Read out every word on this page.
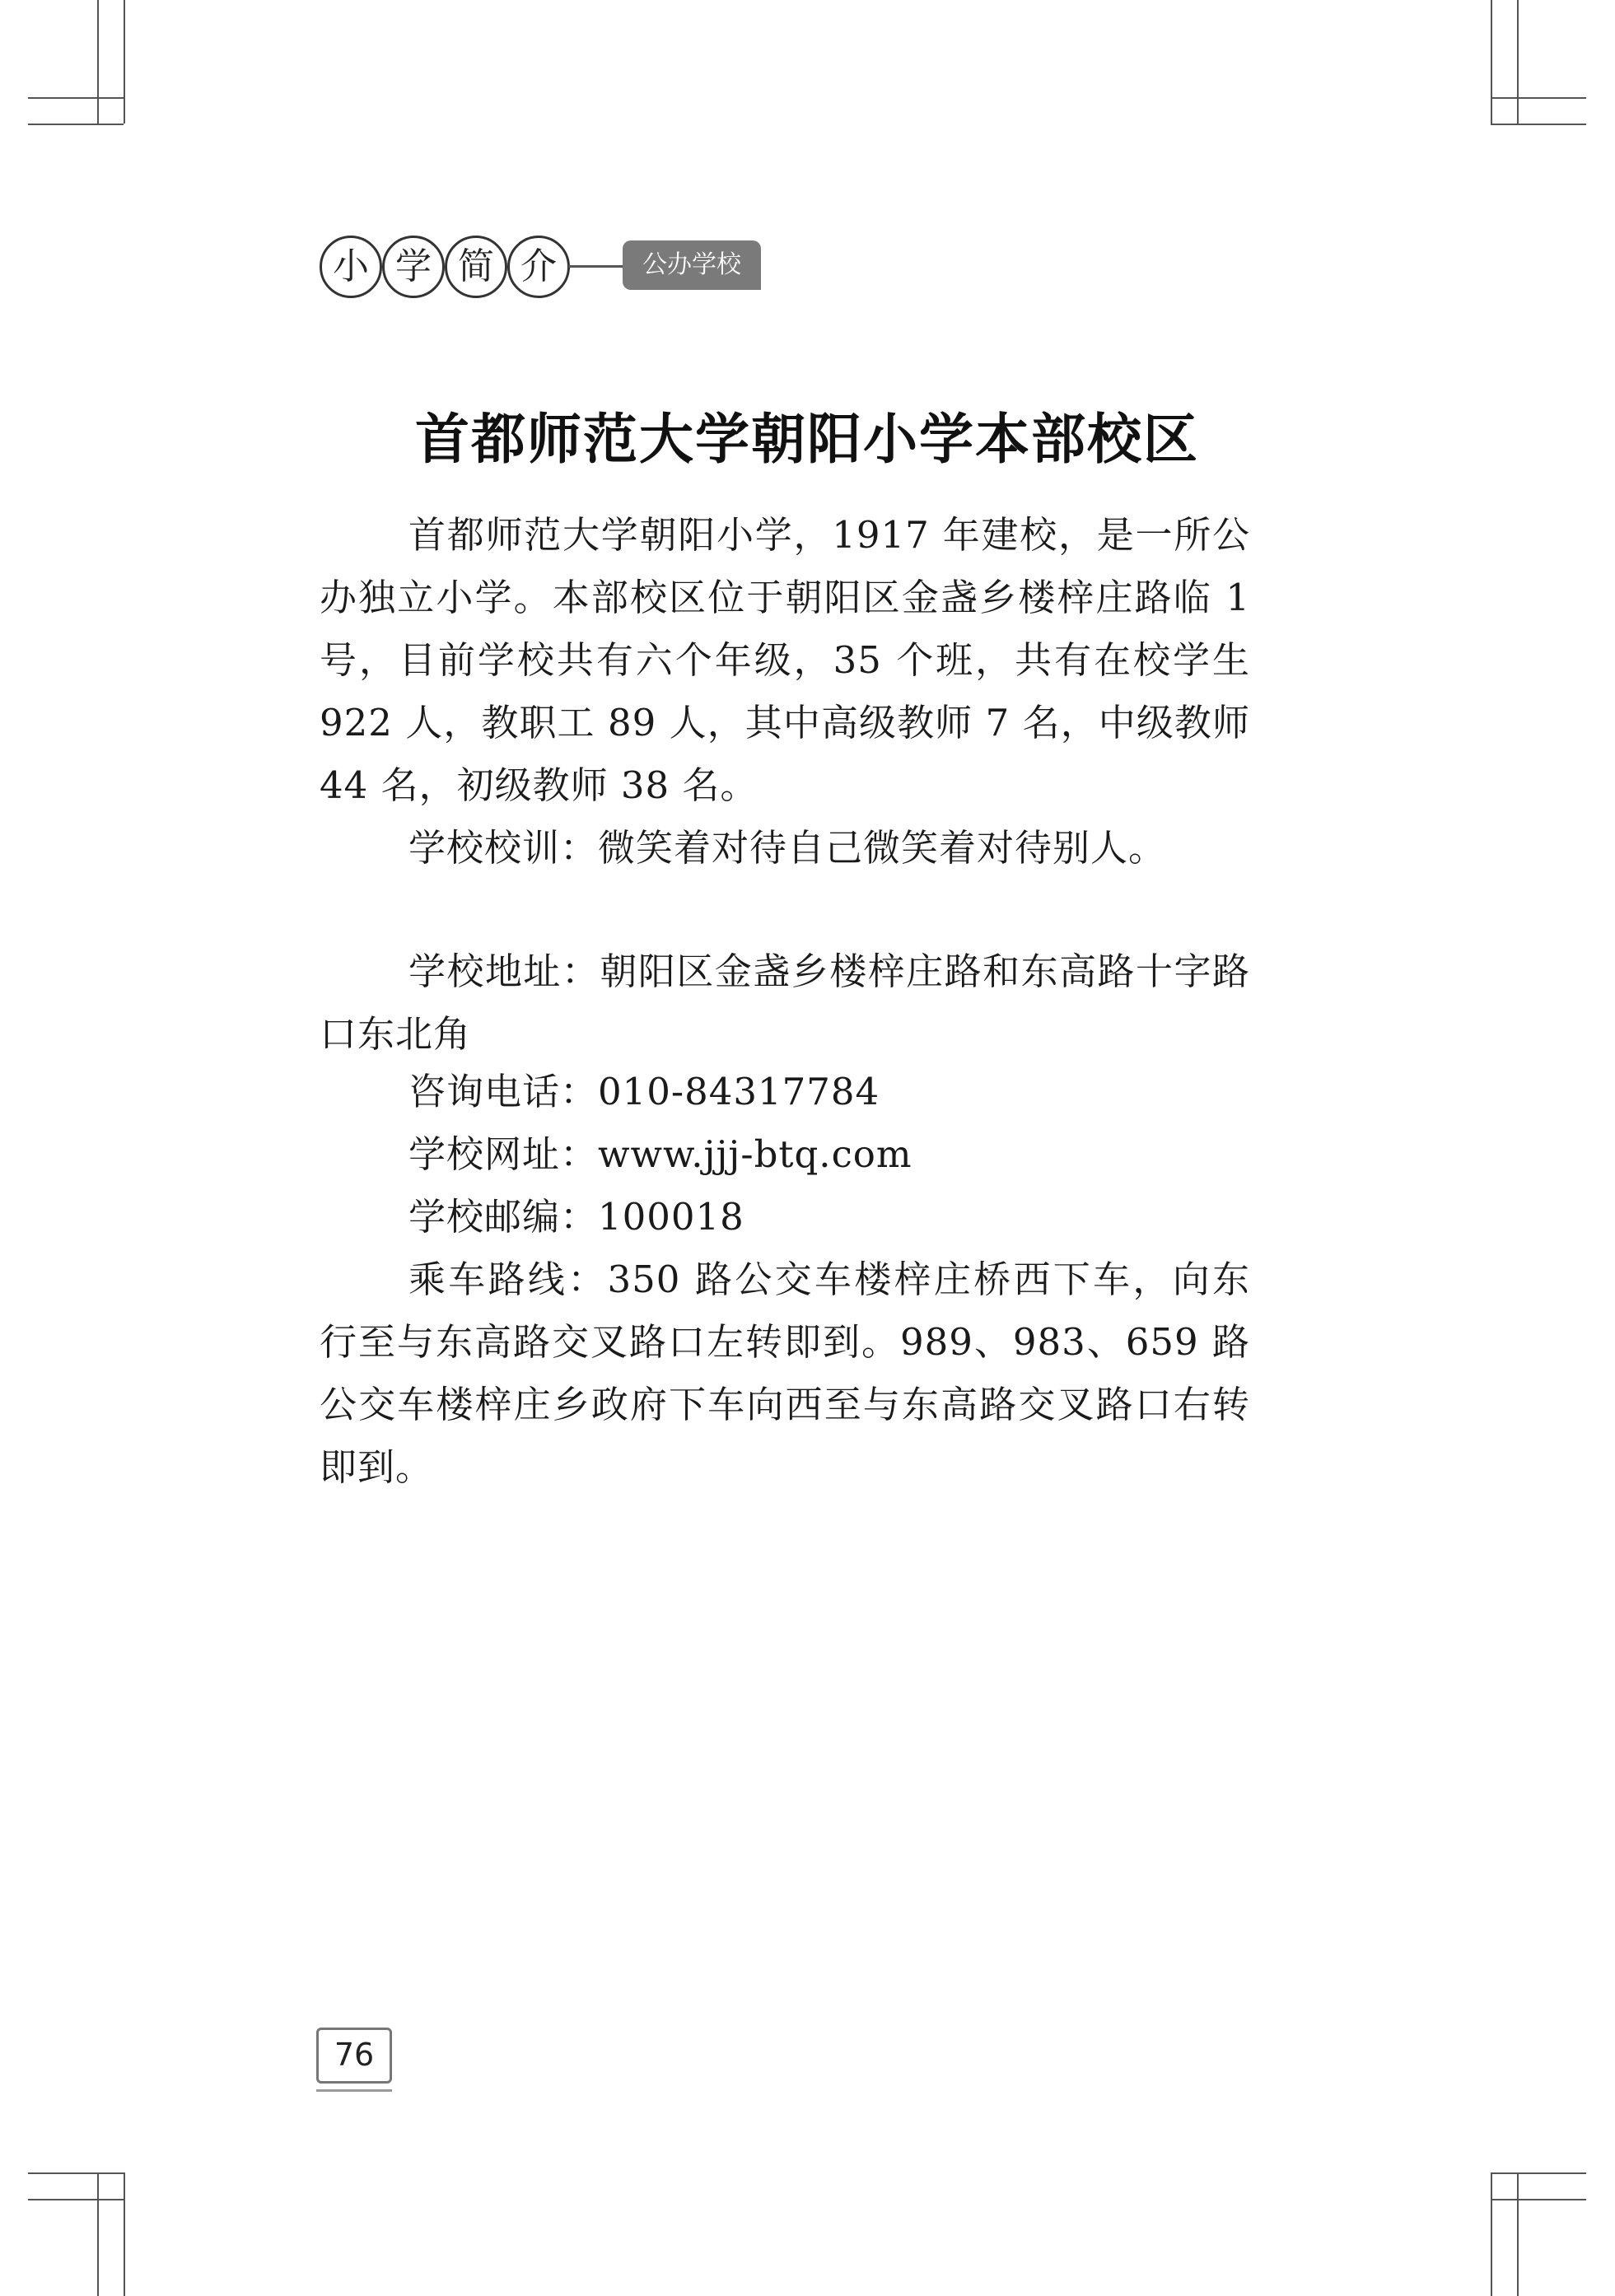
小 学 简 介	公办学校
首都师范大学朝阳小学本部校区

首都师范大学朝阳小学，1917 年建校，是一所公办独立小学。本部校区位于朝阳区金盏乡楼梓庄路临 1 号，目前学校共有六个年级，35 个班，共有在校学生 922 人，教职工 89 人，其中高级教师 7 名，中级教师 44 名，初级教师 38 名。

学校校训：微笑着对待自己微笑着对待别人。

学校地址：朝阳区金盏乡楼梓庄路和东高路十字路口东北角

咨询电话：010-84317784

学校网址：www.jjj-btq.com

学校邮编：100018

乘车路线：350 路公交车楼梓庄桥西下车，向东行至与东高路交叉路口左转即到。989、983、659 路公交车楼梓庄乡政府下车向西至与东高路交叉路口右转即到。

76
